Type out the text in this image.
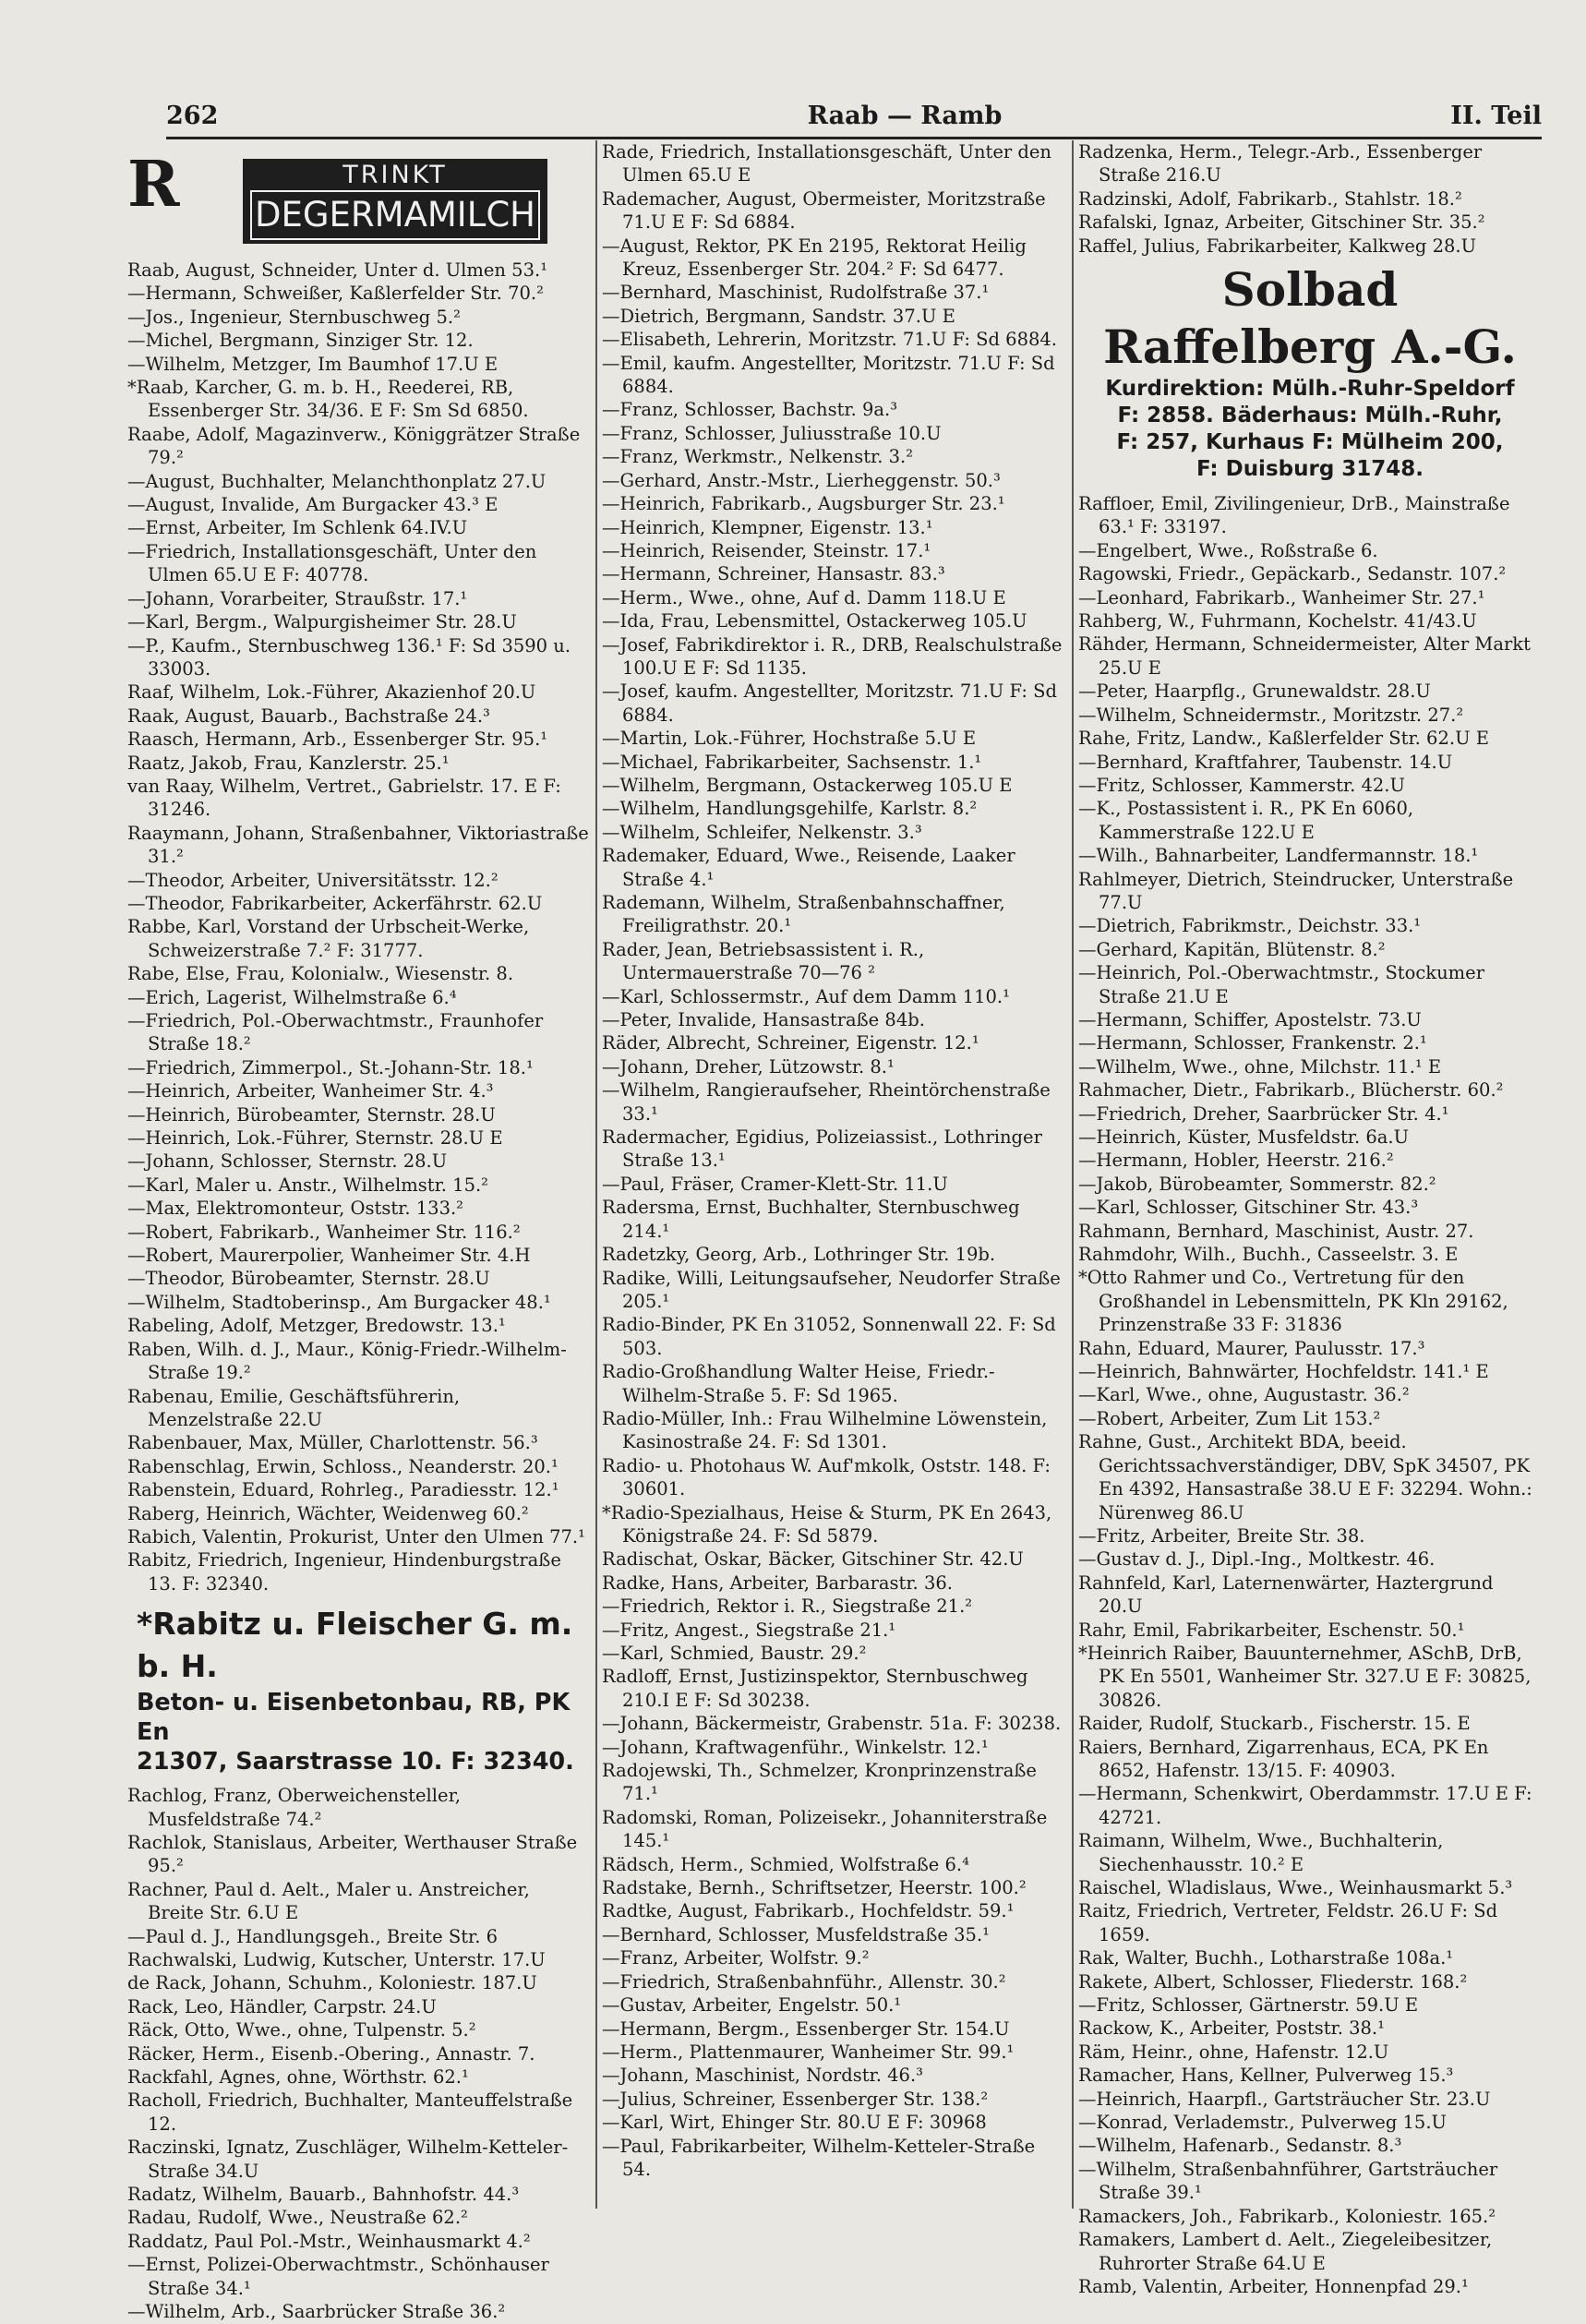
262	Raab — Ramb	II. Teil
R	TRINKT
DEGERMAMILCH
Raab, August, Schneider, Unter d. Ulmen 53.¹
—Hermann, Schweißer, Kaßlerfelder Str. 70.²
—Jos., Ingenieur, Sternbuschweg 5.²
—Michel, Bergmann, Sinziger Str. 12.
—Wilhelm, Metzger, Im Baumhof 17.U E
*Raab, Karcher, G. m. b. H., Reederei, RB, Essenberger Str. 34/36. E F: Sm Sd 6850.
Raabe, Adolf, Magazinverw., Königgrätzer Straße 79.²
—August, Buchhalter, Melanchthonplatz 27.U
—August, Invalide, Am Burgacker 43.³ E
—Ernst, Arbeiter, Im Schlenk 64.IV.U
—Friedrich, Installationsgeschäft, Unter den Ulmen 65.U E F: 40778.
—Johann, Vorarbeiter, Straußstr. 17.¹
—Karl, Bergm., Walpurgisheimer Str. 28.U
—P., Kaufm., Sternbuschweg 136.¹ F: Sd 3590 u. 33003.
Raaf, Wilhelm, Lok.-Führer, Akazienhof 20.U
Raak, August, Bauarb., Bachstraße 24.³
Raasch, Hermann, Arb., Essenberger Str. 95.¹
Raatz, Jakob, Frau, Kanzlerstr. 25.¹
van Raay, Wilhelm, Vertret., Gabrielstr. 17. E F: 31246.
Raaymann, Johann, Straßenbahner, Viktoriastraße 31.²
—Theodor, Arbeiter, Universitätsstr. 12.²
—Theodor, Fabrikarbeiter, Ackerfährstr. 62.U
Rabbe, Karl, Vorstand der Urbscheit-Werke, Schweizerstraße 7.² F: 31777.
Rabe, Else, Frau, Kolonialw., Wiesenstr. 8.
—Erich, Lagerist, Wilhelmstraße 6.⁴
—Friedrich, Pol.-Oberwachtmstr., Fraunhofer Straße 18.²
—Friedrich, Zimmerpol., St.-Johann-Str. 18.¹
—Heinrich, Arbeiter, Wanheimer Str. 4.³
—Heinrich, Bürobeamter, Sternstr. 28.U
—Heinrich, Lok.-Führer, Sternstr. 28.U E
—Johann, Schlosser, Sternstr. 28.U
—Karl, Maler u. Anstr., Wilhelmstr. 15.²
—Max, Elektromonteur, Oststr. 133.²
—Robert, Fabrikarb., Wanheimer Str. 116.²
—Robert, Maurerpolier, Wanheimer Str. 4.H
—Theodor, Bürobeamter, Sternstr. 28.U
—Wilhelm, Stadtoberinsp., Am Burgacker 48.¹
Rabeling, Adolf, Metzger, Bredowstr. 13.¹
Raben, Wilh. d. J., Maur., König-Friedr.-Wilhelm-Straße 19.²
Rabenau, Emilie, Geschäftsführerin, Menzelstraße 22.U
Rabenbauer, Max, Müller, Charlottenstr. 56.³
Rabenschlag, Erwin, Schloss., Neanderstr. 20.¹
Rabenstein, Eduard, Rohrleg., Paradiesstr. 12.¹
Raberg, Heinrich, Wächter, Weidenweg 60.²
Rabich, Valentin, Prokurist, Unter den Ulmen 77.¹
Rabitz, Friedrich, Ingenieur, Hindenburgstraße 13. F: 32340.
*Rabitz u. Fleischer G. m. b. H.
Beton- u. Eisenbetonbau, RB, PK En
21307, Saarstrasse 10. F: 32340.
Rachlog, Franz, Oberweichensteller, Musfeldstraße 74.²
Rachlok, Stanislaus, Arbeiter, Werthauser Straße 95.²
Rachner, Paul d. Aelt., Maler u. Anstreicher, Breite Str. 6.U E
—Paul d. J., Handlungsgeh., Breite Str. 6
Rachwalski, Ludwig, Kutscher, Unterstr. 17.U
de Rack, Johann, Schuhm., Koloniestr. 187.U
Rack, Leo, Händler, Carpstr. 24.U
Räck, Otto, Wwe., ohne, Tulpenstr. 5.²
Räcker, Herm., Eisenb.-Obering., Annastr. 7.
Rackfahl, Agnes, ohne, Wörthstr. 62.¹
Racholl, Friedrich, Buchhalter, Manteuffelstraße 12.
Raczinski, Ignatz, Zuschläger, Wilhelm-Ketteler-Straße 34.U
Radatz, Wilhelm, Bauarb., Bahnhofstr. 44.³
Radau, Rudolf, Wwe., Neustraße 62.²
Raddatz, Paul Pol.-Mstr., Weinhausmarkt 4.²
—Ernst, Polizei-Oberwachtmstr., Schönhauser Straße 34.¹
—Wilhelm, Arb., Saarbrücker Straße 36.²
Rade, Friedrich, Installationsgeschäft, Unter den Ulmen 65.U E
Rademacher, August, Obermeister, Moritzstraße 71.U E F: Sd 6884.
—August, Rektor, PK En 2195, Rektorat Heilig Kreuz, Essenberger Str. 204.² F: Sd 6477.
—Bernhard, Maschinist, Rudolfstraße 37.¹
—Dietrich, Bergmann, Sandstr. 37.U E
—Elisabeth, Lehrerin, Moritzstr. 71.U F: Sd 6884.
—Emil, kaufm. Angestellter, Moritzstr. 71.U F: Sd 6884.
—Franz, Schlosser, Bachstr. 9a.³
—Franz, Schlosser, Juliusstraße 10.U
—Franz, Werkmstr., Nelkenstr. 3.²
—Gerhard, Anstr.-Mstr., Lierheggenstr. 50.³
—Heinrich, Fabrikarb., Augsburger Str. 23.¹
—Heinrich, Klempner, Eigenstr. 13.¹
—Heinrich, Reisender, Steinstr. 17.¹
—Hermann, Schreiner, Hansastr. 83.³
—Herm., Wwe., ohne, Auf d. Damm 118.U E
—Ida, Frau, Lebensmittel, Ostackerweg 105.U
—Josef, Fabrikdirektor i. R., DRB, Realschulstraße 100.U E F: Sd 1135.
—Josef, kaufm. Angestellter, Moritzstr. 71.U F: Sd 6884.
—Martin, Lok.-Führer, Hochstraße 5.U E
—Michael, Fabrikarbeiter, Sachsenstr. 1.¹
—Wilhelm, Bergmann, Ostackerweg 105.U E
—Wilhelm, Handlungsgehilfe, Karlstr. 8.²
—Wilhelm, Schleifer, Nelkenstr. 3.³
Rademaker, Eduard, Wwe., Reisende, Laaker Straße 4.¹
Rademann, Wilhelm, Straßenbahnschaffner, Freiligrathstr. 20.¹
Rader, Jean, Betriebsassistent i. R., Untermauerstraße 70—76 ²
—Karl, Schlossermstr., Auf dem Damm 110.¹
—Peter, Invalide, Hansastraße 84b.
Räder, Albrecht, Schreiner, Eigenstr. 12.¹
—Johann, Dreher, Lützowstr. 8.¹
—Wilhelm, Rangieraufseher, Rheintörchenstraße 33.¹
Radermacher, Egidius, Polizeiassist., Lothringer Straße 13.¹
—Paul, Fräser, Cramer-Klett-Str. 11.U
Radersma, Ernst, Buchhalter, Sternbuschweg 214.¹
Radetzky, Georg, Arb., Lothringer Str. 19b.
Radike, Willi, Leitungsaufseher, Neudorfer Straße 205.¹
Radio-Binder, PK En 31052, Sonnenwall 22. F: Sd 503.
Radio-Großhandlung Walter Heise, Friedr.-Wilhelm-Straße 5. F: Sd 1965.
Radio-Müller, Inh.: Frau Wilhelmine Löwenstein, Kasinostraße 24. F: Sd 1301.
Radio- u. Photohaus W. Auf'mkolk, Oststr. 148. F: 30601.
*Radio-Spezialhaus, Heise & Sturm, PK En 2643, Königstraße 24. F: Sd 5879.
Radischat, Oskar, Bäcker, Gitschiner Str. 42.U
Radke, Hans, Arbeiter, Barbarastr. 36.
—Friedrich, Rektor i. R., Siegstraße 21.²
—Fritz, Angest., Siegstraße 21.¹
—Karl, Schmied, Baustr. 29.²
Radloff, Ernst, Justizinspektor, Sternbuschweg 210.I E F: Sd 30238.
—Johann, Bäckermeistr, Grabenstr. 51a. F: 30238.
—Johann, Kraftwagenführ., Winkelstr. 12.¹
Radojewski, Th., Schmelzer, Kronprinzenstraße 71.¹
Radomski, Roman, Polizeisekr., Johanniterstraße 145.¹
Rädsch, Herm., Schmied, Wolfstraße 6.⁴
Radstake, Bernh., Schriftsetzer, Heerstr. 100.²
Radtke, August, Fabrikarb., Hochfeldstr. 59.¹
—Bernhard, Schlosser, Musfeldstraße 35.¹
—Franz, Arbeiter, Wolfstr. 9.²
—Friedrich, Straßenbahnführ., Allenstr. 30.²
—Gustav, Arbeiter, Engelstr. 50.¹
—Hermann, Bergm., Essenberger Str. 154.U
—Herm., Plattenmaurer, Wanheimer Str. 99.¹
—Johann, Maschinist, Nordstr. 46.³
—Julius, Schreiner, Essenberger Str. 138.²
—Karl, Wirt, Ehinger Str. 80.U E F: 30968
—Paul, Fabrikarbeiter, Wilhelm-Ketteler-Straße 54.
Radzenka, Herm., Telegr.-Arb., Essenberger Straße 216.U
Radzinski, Adolf, Fabrikarb., Stahlstr. 18.²
Rafalski, Ignaz, Arbeiter, Gitschiner Str. 35.²
Raffel, Julius, Fabrikarbeiter, Kalkweg 28.U
Solbad Raffelberg A.-G.
Kurdirektion: Mülh.-Ruhr-Speldorf
F: 2858. Bäderhaus: Mülh.-Ruhr,
F: 257, Kurhaus F: Mülheim 200,
F: Duisburg 31748.
Raffloer, Emil, Zivilingenieur, DrB., Mainstraße 63.¹ F: 33197.
—Engelbert, Wwe., Roßstraße 6.
Ragowski, Friedr., Gepäckarb., Sedanstr. 107.²
—Leonhard, Fabrikarb., Wanheimer Str. 27.¹
Rahberg, W., Fuhrmann, Kochelstr. 41/43.U
Rähder, Hermann, Schneidermeister, Alter Markt 25.U E
—Peter, Haarpflg., Grunewaldstr. 28.U
—Wilhelm, Schneidermstr., Moritzstr. 27.²
Rahe, Fritz, Landw., Kaßlerfelder Str. 62.U E
—Bernhard, Kraftfahrer, Taubenstr. 14.U
—Fritz, Schlosser, Kammerstr. 42.U
—K., Postassistent i. R., PK En 6060, Kammerstraße 122.U E
—Wilh., Bahnarbeiter, Landfermannstr. 18.¹
Rahlmeyer, Dietrich, Steindrucker, Unterstraße 77.U
—Dietrich, Fabrikmstr., Deichstr. 33.¹
—Gerhard, Kapitän, Blütenstr. 8.²
—Heinrich, Pol.-Oberwachtmstr., Stockumer Straße 21.U E
—Hermann, Schiffer, Apostelstr. 73.U
—Hermann, Schlosser, Frankenstr. 2.¹
—Wilhelm, Wwe., ohne, Milchstr. 11.¹ E
Rahmacher, Dietr., Fabrikarb., Blücherstr. 60.²
—Friedrich, Dreher, Saarbrücker Str. 4.¹
—Heinrich, Küster, Musfeldstr. 6a.U
—Hermann, Hobler, Heerstr. 216.²
—Jakob, Bürobeamter, Sommerstr. 82.²
—Karl, Schlosser, Gitschiner Str. 43.³
Rahmann, Bernhard, Maschinist, Austr. 27.
Rahmdohr, Wilh., Buchh., Casseelstr. 3. E
*Otto Rahmer und Co., Vertretung für den Großhandel in Lebensmitteln, PK Kln 29162, Prinzenstraße 33 F: 31836
Rahn, Eduard, Maurer, Paulusstr. 17.³
—Heinrich, Bahnwärter, Hochfeldstr. 141.¹ E
—Karl, Wwe., ohne, Augustastr. 36.²
—Robert, Arbeiter, Zum Lit 153.²
Rahne, Gust., Architekt BDA, beeid. Gerichtssachverständiger, DBV, SpK 34507, PK En 4392, Hansastraße 38.U E F: 32294. Wohn.: Nürenweg 86.U
—Fritz, Arbeiter, Breite Str. 38.
—Gustav d. J., Dipl.-Ing., Moltkestr. 46.
Rahnfeld, Karl, Laternenwärter, Haztergrund 20.U
Rahr, Emil, Fabrikarbeiter, Eschenstr. 50.¹
*Heinrich Raiber, Bauunternehmer, ASchB, DrB, PK En 5501, Wanheimer Str. 327.U E F: 30825, 30826.
Raider, Rudolf, Stuckarb., Fischerstr. 15. E
Raiers, Bernhard, Zigarrenhaus, ECA, PK En 8652, Hafenstr. 13/15. F: 40903.
—Hermann, Schenkwirt, Oberdammstr. 17.U E F: 42721.
Raimann, Wilhelm, Wwe., Buchhalterin, Siechenhausstr. 10.² E
Raischel, Wladislaus, Wwe., Weinhausmarkt 5.³
Raitz, Friedrich, Vertreter, Feldstr. 26.U F: Sd 1659.
Rak, Walter, Buchh., Lotharstraße 108a.¹
Rakete, Albert, Schlosser, Fliederstr. 168.²
—Fritz, Schlosser, Gärtnerstr. 59.U E
Rackow, K., Arbeiter, Poststr. 38.¹
Räm, Heinr., ohne, Hafenstr. 12.U
Ramacher, Hans, Kellner, Pulverweg 15.³
—Heinrich, Haarpfl., Gartsträucher Str. 23.U
—Konrad, Verlademstr., Pulverweg 15.U
—Wilhelm, Hafenarb., Sedanstr. 8.³
—Wilhelm, Straßenbahnführer, Gartsträucher Straße 39.¹
Ramackers, Joh., Fabrikarb., Koloniestr. 165.²
Ramakers, Lambert d. Aelt., Ziegeleibesitzer, Ruhrorter Straße 64.U E
Ramb, Valentin, Arbeiter, Honnenpfad 29.¹
